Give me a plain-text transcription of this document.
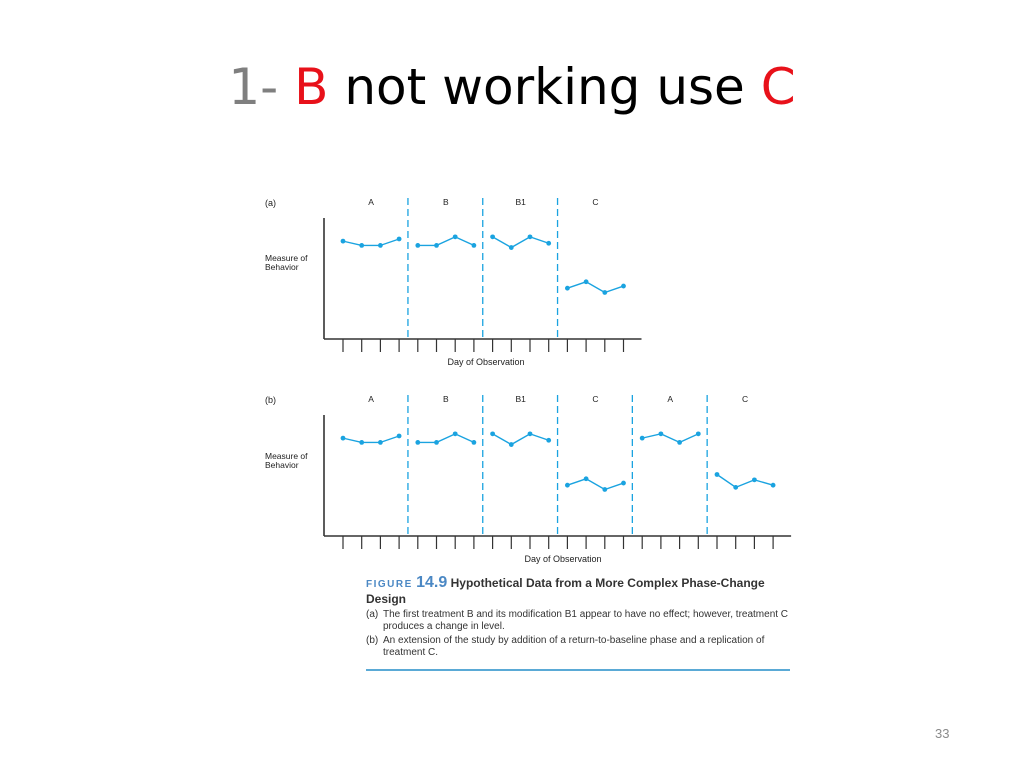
1- B not working use C
(a)
Measure of Behavior
Day of Observation
A	B	B1	C
(b)
Measure of Behavior
Day of Observation
A	B	B1	C	A	C
FIGURE 14.9 Hypothetical Data from a More Complex Phase-Change Design
(a) The first treatment B and its modification B1 appear to have no effect; however, treatment C produces a change in level.
(b) An extension of the study by addition of a return-to-baseline phase and a replication of treatment C.
33
